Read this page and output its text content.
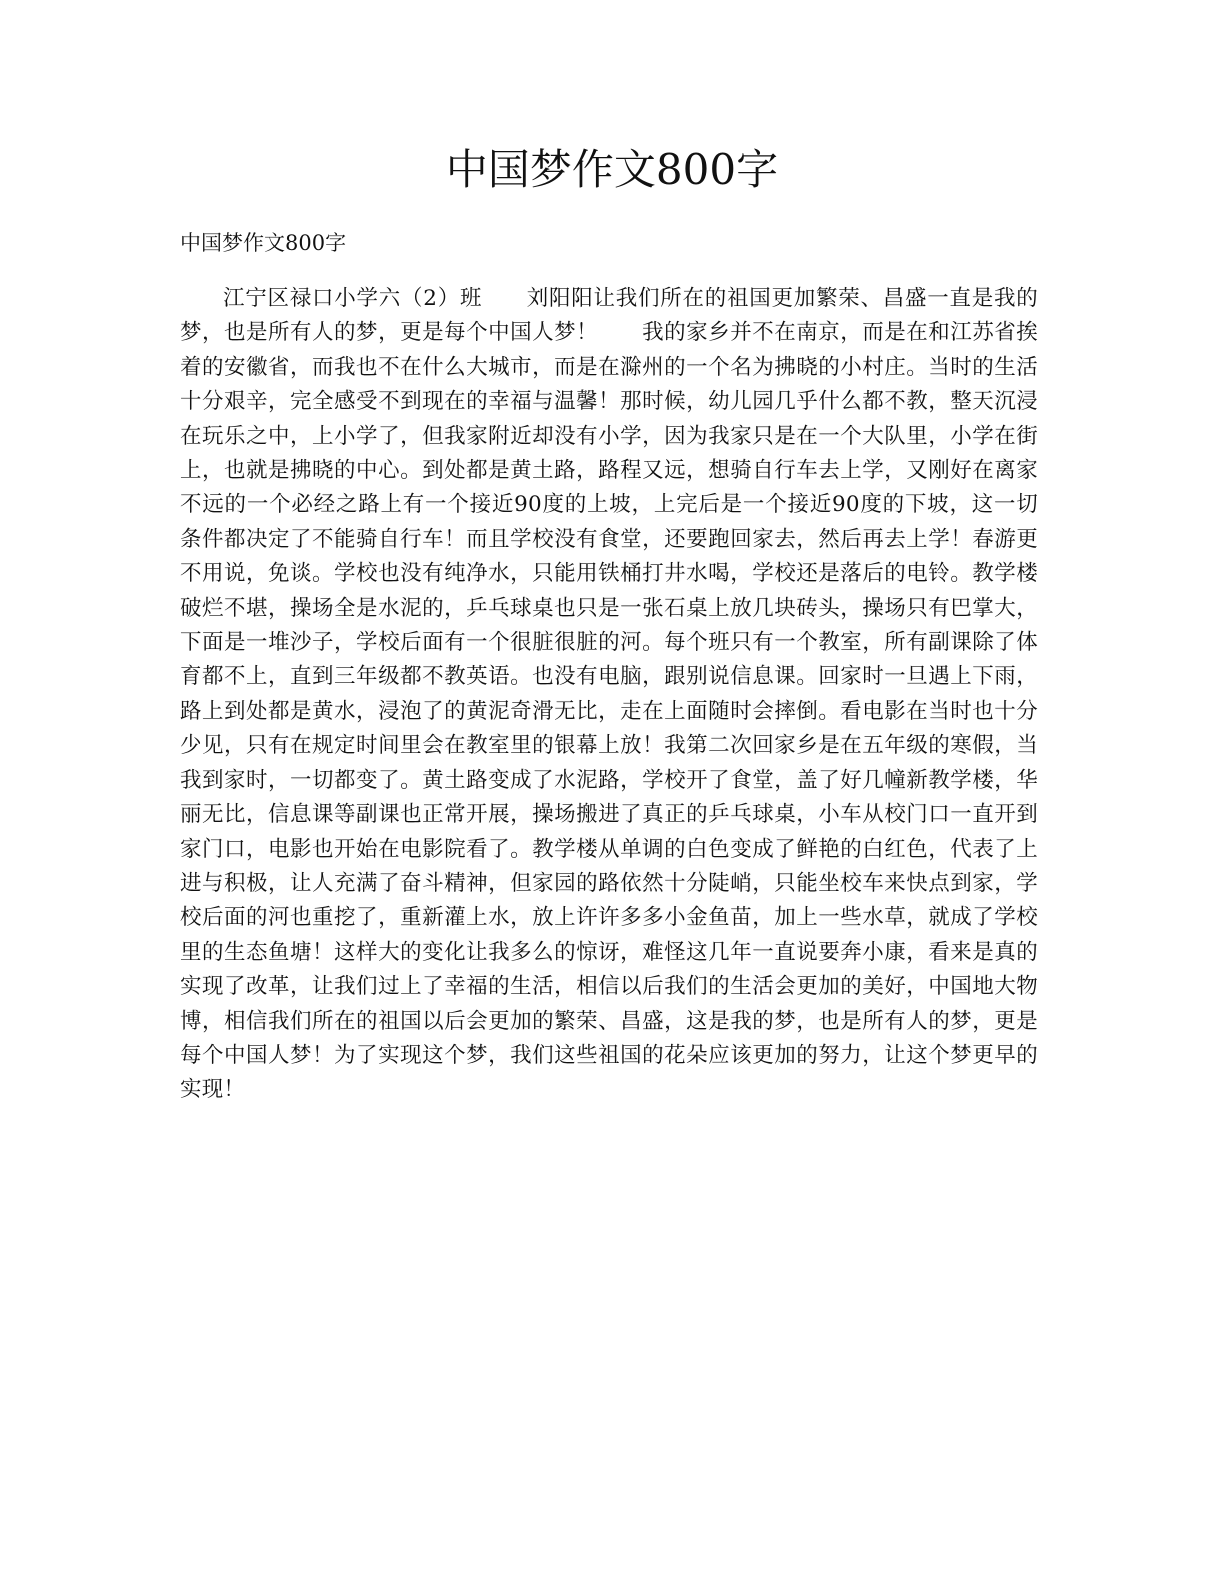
中国梦作文800字

中国梦作文800字

江宁区禄口小学六（2）班　　刘阳阳让我们所在的祖国更加繁荣、昌盛一直是我的梦，也是所有人的梦，更是每个中国人梦！　　我的家乡并不在南京，而是在和江苏省挨着的安徽省，而我也不在什么大城市，而是在滁州的一个名为拂晓的小村庄。当时的生活十分艰辛，完全感受不到现在的幸福与温馨！那时候，幼儿园几乎什么都不教，整天沉浸在玩乐之中，上小学了，但我家附近却没有小学，因为我家只是在一个大队里，小学在街上，也就是拂晓的中心。到处都是黄土路，路程又远，想骑自行车去上学，又刚好在离家不远的一个必经之路上有一个接近90度的上坡，上完后是一个接近90度的下坡，这一切条件都决定了不能骑自行车！而且学校没有食堂，还要跑回家去，然后再去上学！春游更不用说，免谈。学校也没有纯净水，只能用铁桶打井水喝，学校还是落后的电铃。教学楼破烂不堪，操场全是水泥的，乒乓球桌也只是一张石桌上放几块砖头，操场只有巴掌大，下面是一堆沙子，学校后面有一个很脏很脏的河。每个班只有一个教室，所有副课除了体育都不上，直到三年级都不教英语。也没有电脑，跟别说信息课。回家时一旦遇上下雨，路上到处都是黄水，浸泡了的黄泥奇滑无比，走在上面随时会摔倒。看电影在当时也十分少见，只有在规定时间里会在教室里的银幕上放！我第二次回家乡是在五年级的寒假，当我到家时，一切都变了。黄土路变成了水泥路，学校开了食堂，盖了好几幢新教学楼，华丽无比，信息课等副课也正常开展，操场搬进了真正的乒乓球桌，小车从校门口一直开到家门口，电影也开始在电影院看了。教学楼从单调的白色变成了鲜艳的白红色，代表了上进与积极，让人充满了奋斗精神，但家园的路依然十分陡峭，只能坐校车来快点到家，学校后面的河也重挖了，重新灌上水，放上许许多多小金鱼苗，加上一些水草，就成了学校里的生态鱼塘！这样大的变化让我多么的惊讶，难怪这几年一直说要奔小康，看来是真的实现了改革，让我们过上了幸福的生活，相信以后我们的生活会更加的美好，中国地大物博，相信我们所在的祖国以后会更加的繁荣、昌盛，这是我的梦，也是所有人的梦，更是每个中国人梦！为了实现这个梦，我们这些祖国的花朵应该更加的努力，让这个梦更早的实现！
